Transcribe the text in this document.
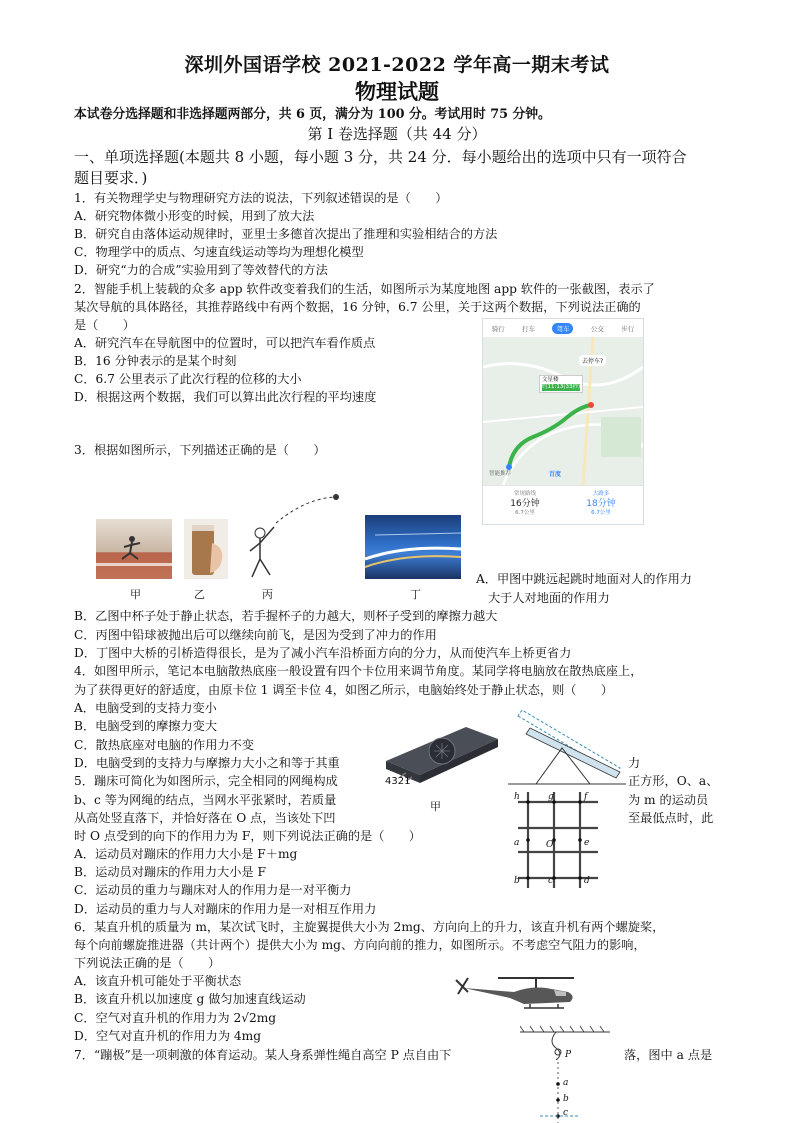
深圳外国语学校 2021-2022 学年高一期末考试
物理试题
本试卷分选择题和非选择题两部分，共 6 页，满分为 100 分。考试用时 75 分钟。
第 I 卷选择题（共 44 分）
一、单项选择题(本题共 8 小题，每小题 3 分，共 24 分．每小题给出的选项中只有一项符合
题目要求．)
1．有关物理学史与物理研究方法的说法，下列叙述错误的是（　　）
A．研究物体微小形变的时候，用到了放大法
B．研究自由落体运动规律时，亚里士多德首次提出了推理和实验相结合的方法
C．物理学中的质点、匀速直线运动等均为理想化模型
D．研究“力的合成”实验用到了等效替代的方法
2．智能手机上装载的众多 app 软件改变着我们的生活，如图所示为某度地图 app 软件的一张截图，表示了
某次导航的具体路径，其推荐路线中有两个数据，16 分钟，6.7 公里，关于这两个数据，下列说法正确的
是（　　）
A．研究汽车在导航图中的位置时，可以把汽车看作质点
B．16 分钟表示的是某个时刻
C．6.7 公里表示了此次行程的位移的大小
D．根据这两个数据，我们可以算出此次行程的平均速度
骑行	打车	驾车	公交	步行
文星楼
约11:13(33秒)
去停车?
智能推荐	百度
常规路线
16分钟
6.7公里
大路多
18分钟
6.7公里
3．根据如图所示，下列描述正确的是（　　）
甲	乙	丙	丁
A．甲图中跳远起跳时地面对人的作用力
大于人对地面的作用力
B．乙图中杯子处于静止状态，若手握杯子的力越大，则杯子受到的摩擦力越大
C．丙图中铅球被抛出后可以继续向前飞，是因为受到了冲力的作用
D．丁图中大桥的引桥造得很长，是为了减小汽车沿桥面方向的分力，从而使汽车上桥更省力
4．如图甲所示，笔记本电脑散热底座一般设置有四个卡位用来调节角度。某同学将电脑放在散热底座上，
为了获得更好的舒适度，由原卡位 1 调至卡位 4，如图乙所示，电脑始终处于静止状态，则（　　）
A．电脑受到的支持力变小
B．电脑受到的摩擦力变大
C．散热底座对电脑的作用力不变
D．电脑受到的支持力与摩擦力大小之和等于其重	力
4321
甲
5．蹦床可简化为如图所示，完全相同的网绳构成	正方形，O、a、
b、c 等为网绳的结点，当网水平张紧时，若质量	为 m 的运动员
从高处竖直落下，并恰好落在 O 点，当该处下凹	至最低点时，此
时 O 点受到的向下的作用力为 F，则下列说法正确的是（　　）
A．运动员对蹦床的作用力大小是 F＋mg
B．运动员对蹦床的作用力大小是 F
C．运动员的重力与蹦床对人的作用力是一对平衡力
D．运动员的重力与人对蹦床的作用力是一对相互作用力
h	g	f
a	O	e
b	c	d
6．某直升机的质量为 m，某次试飞时，主旋翼提供大小为 2mg、方向向上的升力，该直升机有两个螺旋桨，
每个向前螺旋推进器（共计两个）提供大小为 mg、方向向前的推力，如图所示。不考虑空气阻力的影响，
下列说法正确的是（　　）
A．该直升机可能处于平衡状态
B．该直升机以加速度 g 做匀加速直线运动
C．空气对直升机的作用力为 2√2mg
D．空气对直升机的作用力为 4mg
7．“蹦极”是一项刺激的体育运动。某人身系弹性绳自高空 P 点自由下	落，图中 a 点是
P
a
b
c
